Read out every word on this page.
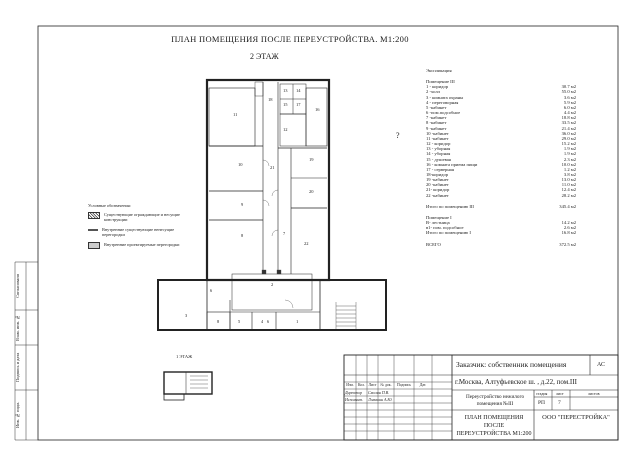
11
10
9
8
21
19
20
22
7
16
12
13 14
15 17
18
2
3
8	5	4 6	1
6
ПЛАН ПОМЕЩЕНИЯ ПОСЛЕ ПЕРЕУСТРОЙСТВА. М1:200
2 ЭТАЖ
?
1 ЭТАЖ
Экспликация
Помещение III
1 - коридор	30.7 м2
2 -холл	55.0 м2
3 - комната охраны	3.6 м2
4 - переговорная	5.9 м2
5 -кабинет	6.0 м2
6 -пом.подсобное	4.4 м2
7 -кабинет	18.8 м2
8 -кабинет	33.5 м2
9 -кабинет	21.4 м2
10 -кабинет	36.0 м2
11 -кабинет	29.0 м2
12 - коридор	15.2 м2
13 - уборная	1.9 м2
14 - уборная	1.9 м2
15 - душевая	2.3 м2
16 - комната приема пищи	10.0 м2
17 - серверная	1.2 м2
18-коридор	3.8 м2
19 -кабинет	13.0 м2
20 -кабинет	11.0 м2
21- коридор	12.4 м2
22 -кабинет	28.2 м2
Итого по помещению III	345.4 м2
Помещение I
В- лестница	14.2 м2
в1- пом. подсобное	2.6 м2
Итого по помещению I	16.8 м2
ВСЕГО	372.5 м2
Условные обозначения:
Существующие ограждающие и несущие конструкции
Внутренние существующие ненесущие перегородки
Внутренние проектируемые перегородки
Согласовано
Взам. инв. №
Подпись и дата
Инв. № подл.
Заказчик: собственник помещения	АС
г.Москва, Алтуфьевское ш. , д.22, пом.III
Переустройство нежилого помещения №III
ПЛАН ПОМЕЩЕНИЯ ПОСЛЕ ПЕРЕУСТРОЙСТВА М1:200
ООО "ПЕРЕСТРОЙКА"
стадия лист	листов
РП 7
Изм.	Кол. Лист	№ док.	Подпись	Дат.
Директор Смолин П.В.
Исполнит. Ломакин А.Ю.
